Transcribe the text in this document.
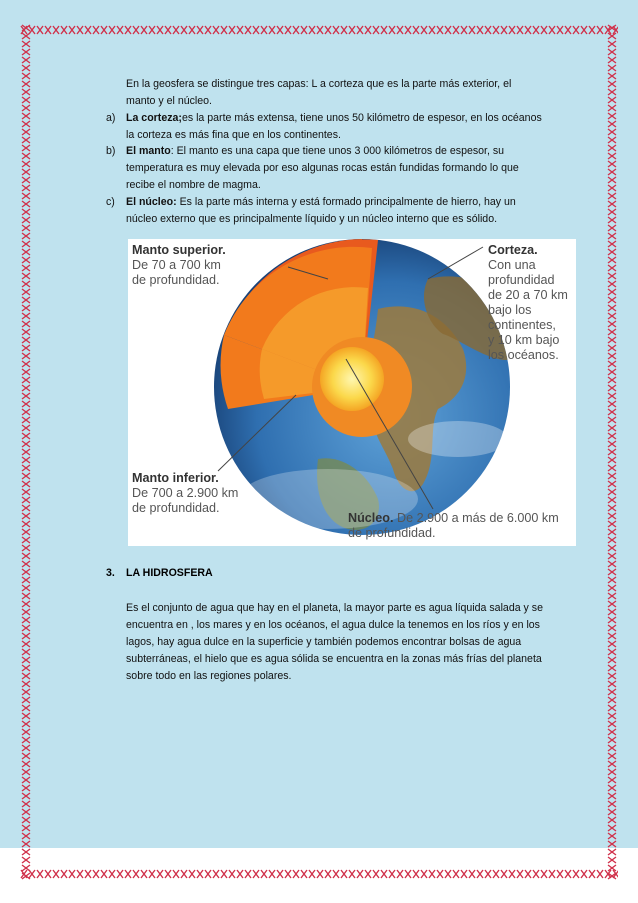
En la geosfera se distingue tres capas: L a corteza que es la parte más exterior, el
manto y el núcleo.
a) La corteza;es la parte más extensa, tiene unos 50 kilómetro de espesor, en los océanos
la corteza es más fina que en los continentes.
b) El manto: El manto es una capa que tiene unos 3 000 kilómetros de espesor, su
temperatura es muy elevada por eso algunas rocas están fundidas formando lo que
recibe el nombre de magma.
c) El núcleo: Es la parte más interna y está formado principalmente de hierro, hay un
núcleo externo que es principalmente líquido y un núcleo interno que es sólido.
Manto superior.
De 70 a 700 km
de profundidad.
Corteza.
Con una
profundidad
de 20 a 70 km
bajo los
continentes,
y 10 km bajo
los océanos.
Manto inferior.
De 700 a 2.900 km
de profundidad.
Núcleo. De 2.900 a más de 6.000 km
de profundidad.
3. LA HIDROSFERA
Es el conjunto de agua que hay en el planeta, la mayor parte es agua líquida salada y se
encuentra en , los mares y en los océanos, el agua dulce la tenemos en los ríos y en los
lagos, hay agua dulce en la superficie y también podemos encontrar bolsas de agua
subterráneas, el hielo que es agua sólida se encuentra en la zonas más frías del planeta
sobre todo en las regiones polares.
